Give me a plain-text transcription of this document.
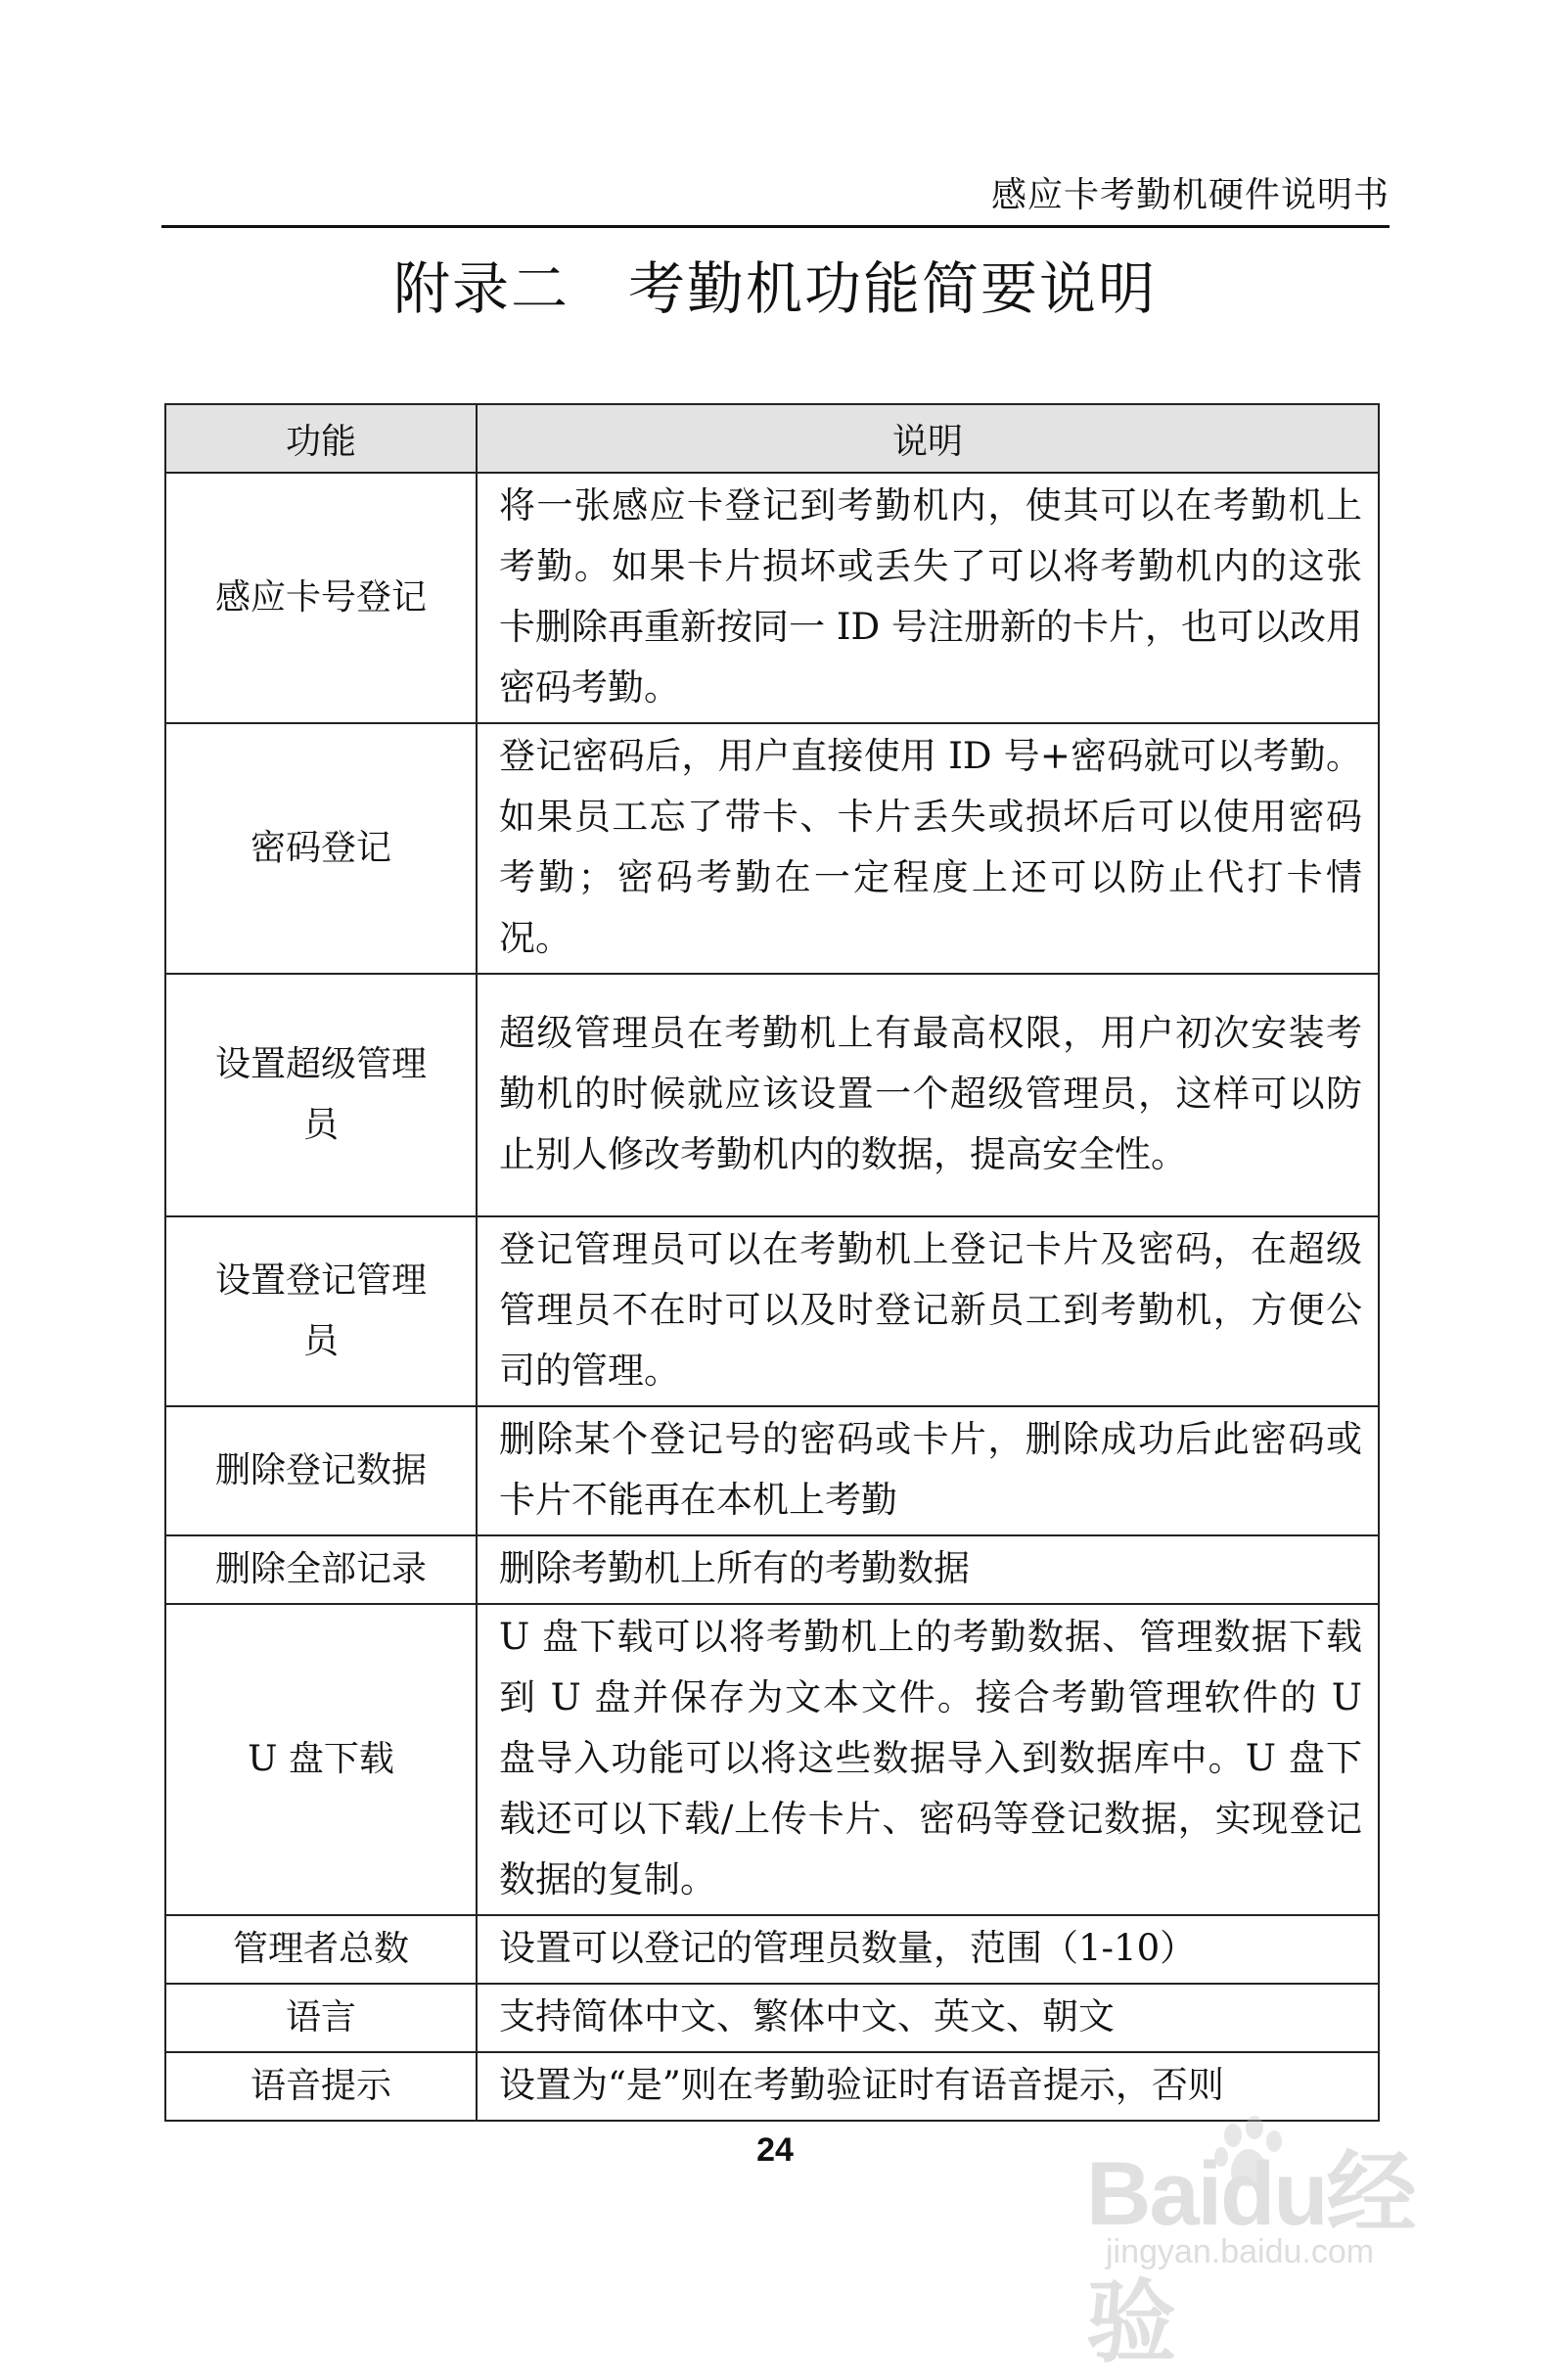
感应卡考勤机硬件说明书
附录二　考勤机功能简要说明
功能	说明
感应卡号登记	将一张感应卡登记到考勤机内，使其可以在考勤机上考勤。如果卡片损坏或丢失了可以将考勤机内的这张卡删除再重新按同一 ID 号注册新的卡片，也可以改用密码考勤。
密码登记	登记密码后，用户直接使用 ID 号+密码就可以考勤。如果员工忘了带卡、卡片丢失或损坏后可以使用密码考勤；密码考勤在一定程度上还可以防止代打卡情况。
设置超级管理员	超级管理员在考勤机上有最高权限，用户初次安装考勤机的时候就应该设置一个超级管理员，这样可以防止别人修改考勤机内的数据，提高安全性。
设置登记管理员	登记管理员可以在考勤机上登记卡片及密码，在超级管理员不在时可以及时登记新员工到考勤机，方便公司的管理。
删除登记数据	删除某个登记号的密码或卡片，删除成功后此密码或卡片不能再在本机上考勤
删除全部记录	删除考勤机上所有的考勤数据
U 盘下载	U 盘下载可以将考勤机上的考勤数据、管理数据下载到 U 盘并保存为文本文件。接合考勤管理软件的 U 盘导入功能可以将这些数据导入到数据库中。U 盘下载还可以下载/上传卡片、密码等登记数据，实现登记数据的复制。
管理者总数	设置可以登记的管理员数量，范围（1-10）
语言	支持简体中文、繁体中文、英文、朝文
语音提示	设置为“是”则在考勤验证时有语音提示，否则
24	Baidu经验
jingyan.baidu.com
